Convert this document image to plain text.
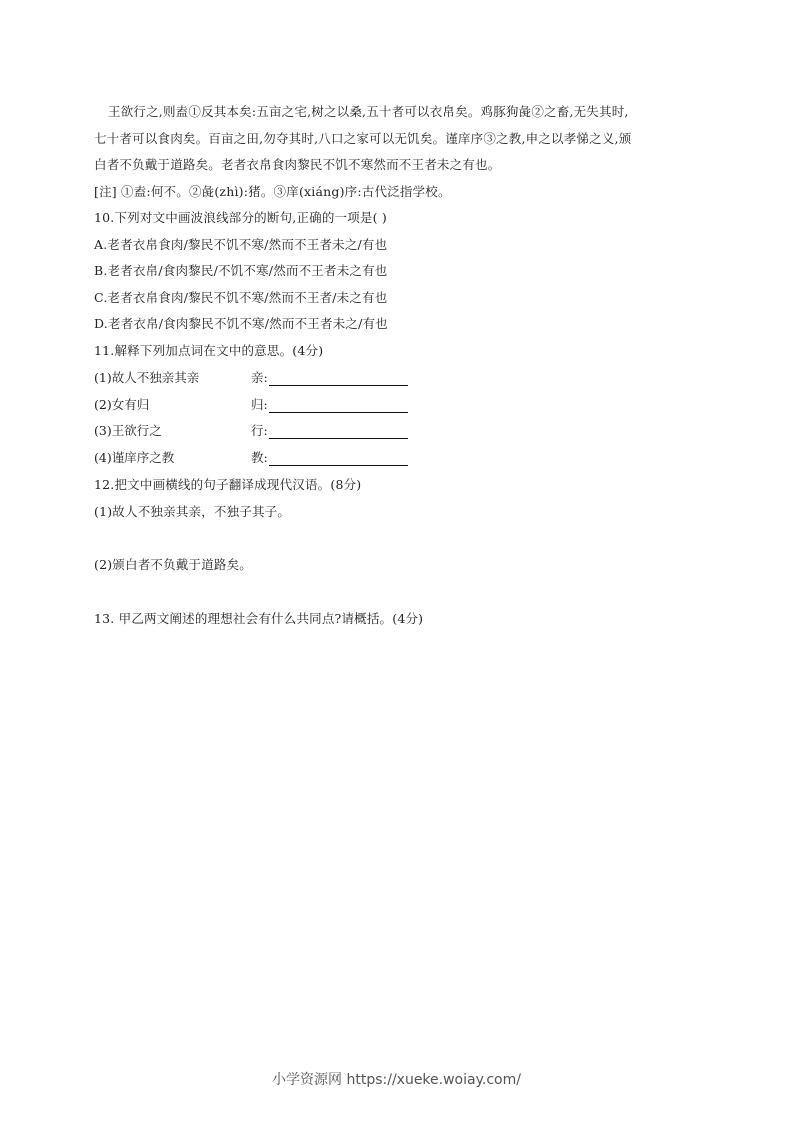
王欲行之,则盍①反其本矣:五亩之宅,树之以桑,五十者可以衣帛矣。鸡豚狗彘②之畜,无失其时,
七十者可以食肉矣。百亩之田,勿夺其时,八口之家可以无饥矣。谨庠序③之教,申之以孝悌之义,颁
白者不负戴于道路矣。老者衣帛食肉黎民不饥不寒然而不王者未之有也。
[注] ①盍:何不。②彘(zhì):猪。③庠(xiáng)序:古代泛指学校。
10.下列对文中画波浪线部分的断句,正确的一项是( )
A.老者衣帛食肉/黎民不饥不寒/然而不王者未之/有也
B.老者衣帛/食肉黎民/不饥不寒/然而不王者未之有也
C.老者衣帛食肉/黎民不饥不寒/然而不王者/未之有也
D.老者衣帛/食肉黎民不饥不寒/然而不王者未之/有也
11.解释下列加点词在文中的意思。(4分)
(1)故人不独亲其亲	亲:
(2)女有归	归:
(3)王欲行之	行:
(4)谨庠序之教	教:
12.把文中画横线的句子翻译成现代汉语。(8分)
(1)故人不独亲其亲，不独子其子。
(2)颁白者不负戴于道路矣。
13. 甲乙两文阐述的理想社会有什么共同点?请概括。(4分)
小学资源网 https://xueke.woiay.com/
